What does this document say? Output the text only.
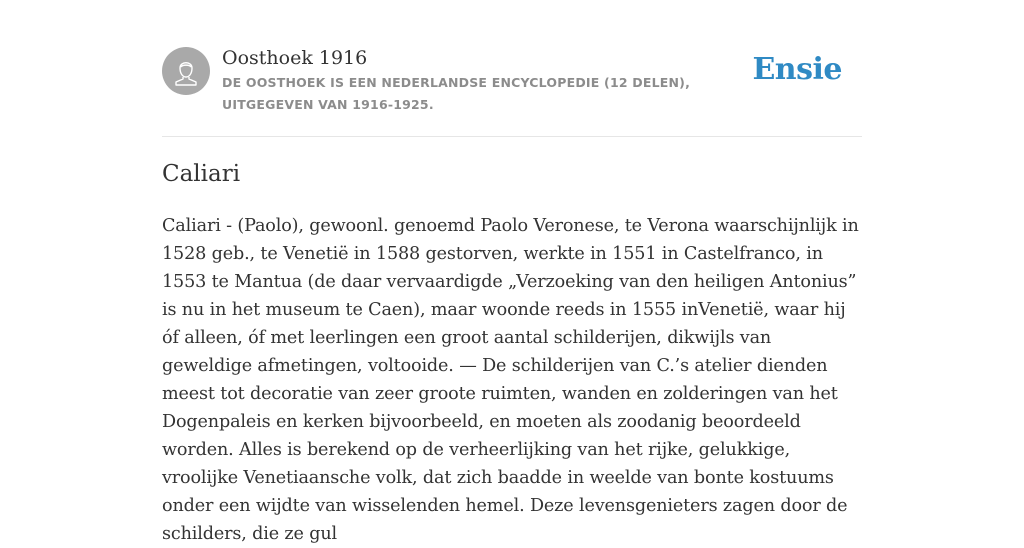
Oosthoek 1916
DE OOSTHOEK IS EEN NEDERLANDSE ENCYCLOPEDIE (12 DELEN), UITGEGEVEN VAN 1916-1925.
Ensie
Caliari

Caliari - (Paolo), gewoonl. genoemd Paolo Veronese, te Verona waarschijnlijk in 1528 geb., te Venetië in 1588 gestorven, werkte in 1551 in Castelfranco, in 1553 te Mantua (de daar vervaardigde „Verzoeking van den heiligen Antonius” is nu in het museum te Caen), maar woonde reeds in 1555 inVenetië, waar hij óf alleen, óf met leerlingen een groot aantal schilderijen, dikwijls van geweldige afmetingen, voltooide. — De schilderijen van C.’s atelier dienden meest tot decoratie van zeer groote ruimten, wanden en zolderingen van het Dogenpaleis en kerken bijvoorbeeld, en moeten als zoodanig beoordeeld worden. Alles is berekend op de verheerlijking van het rijke, gelukkige, vroolijke Venetiaansche volk, dat zich baadde in weelde van bonte kostuums onder een wijdte van wisselenden hemel. Deze levensgenieters zagen door de schilders, die ze gul
